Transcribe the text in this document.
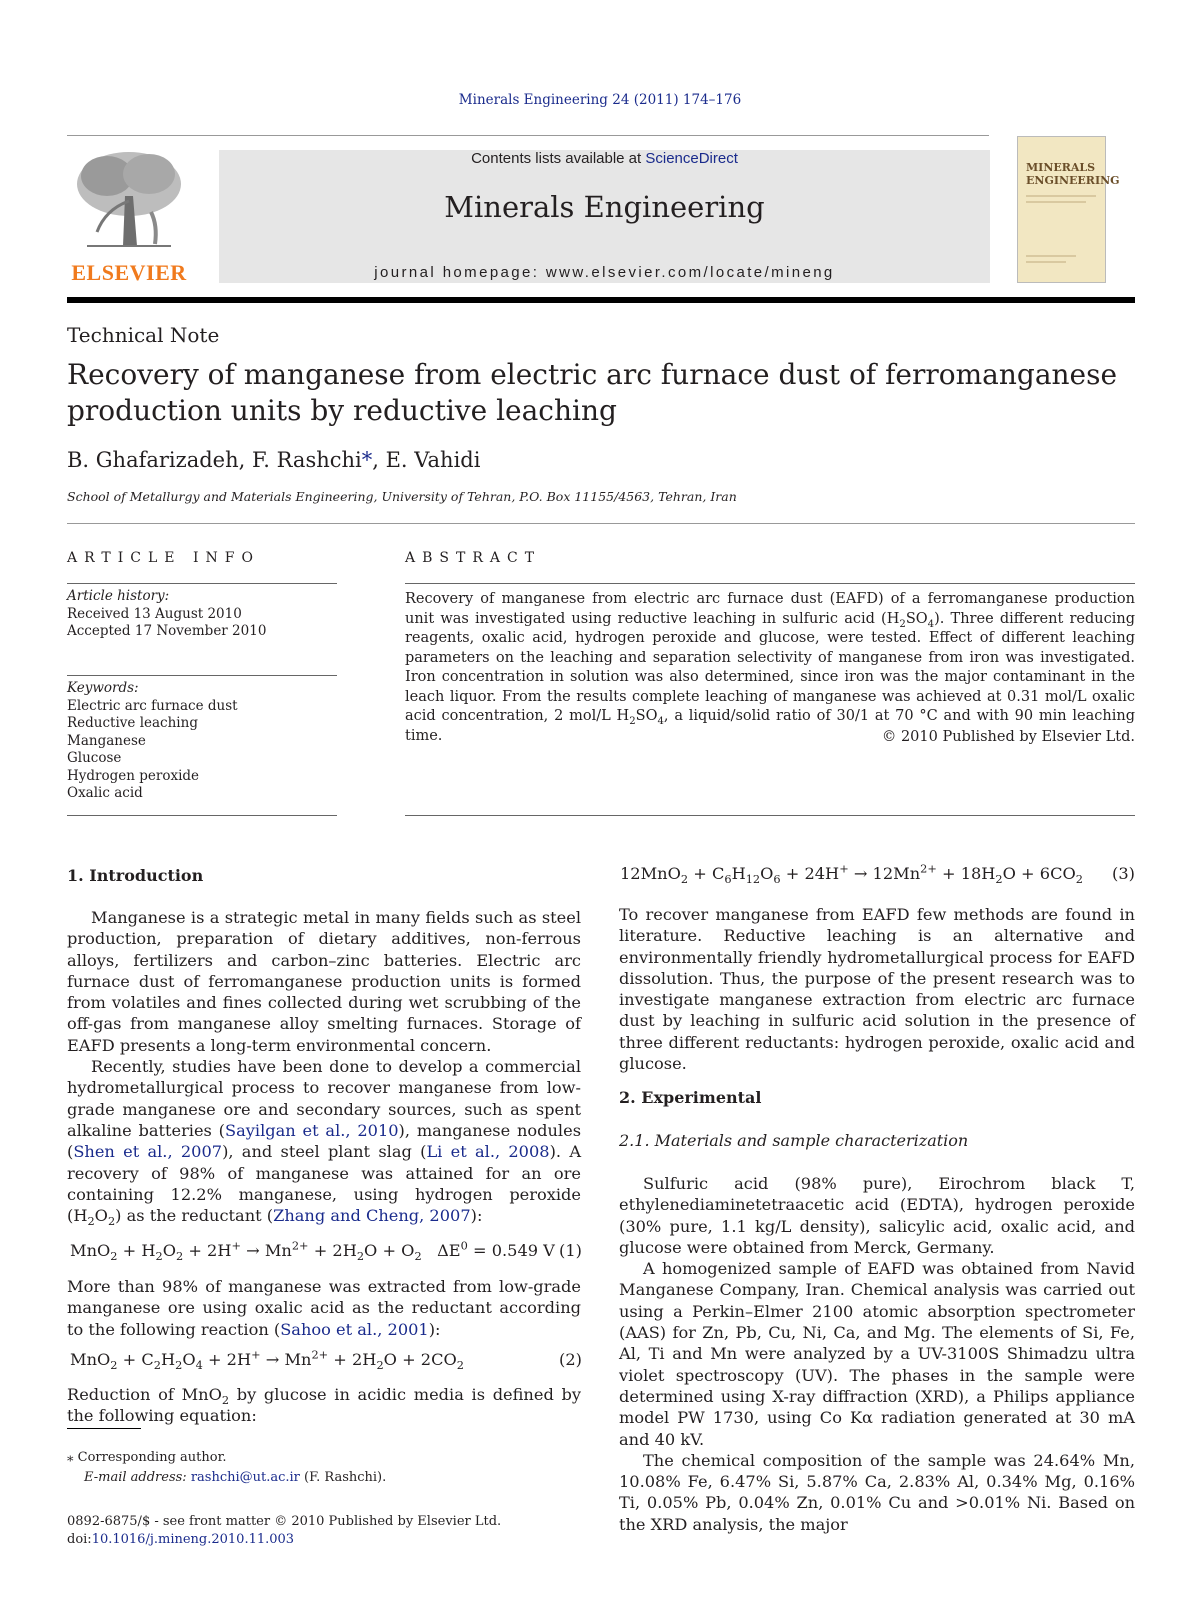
Minerals Engineering 24 (2011) 174–176
ELSEVIER
Contents lists available at ScienceDirect
Minerals Engineering
journal homepage: www.elsevier.com/locate/mineng
MINERALS ENGINEERING
Technical Note
Recovery of manganese from electric arc furnace dust of ferromanganese production units by reductive leaching
B. Ghafarizadeh, F. Rashchi*, E. Vahidi
School of Metallurgy and Materials Engineering, University of Tehran, P.O. Box 11155/4563, Tehran, Iran
ARTICLE INFO
Article history:
Received 13 August 2010
Accepted 17 November 2010
Keywords:
Electric arc furnace dust
Reductive leaching
Manganese
Glucose
Hydrogen peroxide
Oxalic acid
ABSTRACT
Recovery of manganese from electric arc furnace dust (EAFD) of a ferromanganese production unit was investigated using reductive leaching in sulfuric acid $(H_2SO_4)$. Three different reducing reagents, oxalic acid, hydrogen peroxide and glucose, were tested. Effect of different leaching parameters on the leaching and separation selectivity of manganese from iron was investigated. Iron concentration in solution was also determined, since iron was the major contaminant in the leach liquor. From the results complete leaching of manganese was achieved at 0.31 mol/L oxalic acid concentration, 2 mol/L $H_2SO_4$, a liquid/solid ratio of 30/1 at 70 °C and with 90 min leaching time.	© 2010 Published by Elsevier Ltd.
1. Introduction

Manganese is a strategic metal in many fields such as steel production, preparation of dietary additives, non-ferrous alloys, fertilizers and carbon–zinc batteries. Electric arc furnace dust of ferromanganese production units is formed from volatiles and fines collected during wet scrubbing of the off-gas from manganese alloy smelting furnaces. Storage of EAFD presents a long-term environmental concern.

Recently, studies have been done to develop a commercial hydrometallurgical process to recover manganese from low-grade manganese ore and secondary sources, such as spent alkaline batteries (Sayilgan et al., 2010), manganese nodules (Shen et al., 2007), and steel plant slag (Li et al., 2008). A recovery of 98% of manganese was attained for an ore containing 12.2% manganese, using hydrogen peroxide $(H_2O_2)$ as the reductant (Zhang and Cheng, 2007):

$MnO_2 + H_2O_2 + 2H^+ \to Mn^{2+} + 2H_2O + O_2$   $\Delta E^0 = 0.549$ V (1)

More than 98% of manganese was extracted from low-grade manganese ore using oxalic acid as the reductant according to the following reaction (Sahoo et al., 2001):

$MnO_2 + C_2H_2O_4 + 2H^+ \to Mn^{2+} + 2H_2O + 2CO_2$	(2)

Reduction of MnO$_2$ by glucose in acidic media is defined by the following equation:

⁎ Corresponding author.
E-mail address: rashchi@ut.ac.ir (F. Rashchi).
0892-6875/$ - see front matter © 2010 Published by Elsevier Ltd.
doi:10.1016/j.mineng.2010.11.003
$12MnO_2 + C_6H_{12}O_6 + 24H^+ \to 12Mn^{2+} + 18H_2O + 6CO_2$ (3)

To recover manganese from EAFD few methods are found in literature. Reductive leaching is an alternative and environmentally friendly hydrometallurgical process for EAFD dissolution. Thus, the purpose of the present research was to investigate manganese extraction from electric arc furnace dust by leaching in sulfuric acid solution in the presence of three different reductants: hydrogen peroxide, oxalic acid and glucose.

2. Experimental
2.1. Materials and sample characterization

Sulfuric acid (98% pure), Eirochrom black T, ethylenediaminetetraacetic acid (EDTA), hydrogen peroxide (30% pure, 1.1 kg/L density), salicylic acid, oxalic acid, and glucose were obtained from Merck, Germany.

A homogenized sample of EAFD was obtained from Navid Manganese Company, Iran. Chemical analysis was carried out using a Perkin–Elmer 2100 atomic absorption spectrometer (AAS) for Zn, Pb, Cu, Ni, Ca, and Mg. The elements of Si, Fe, Al, Ti and Mn were analyzed by a UV-3100S Shimadzu ultra violet spectroscopy (UV). The phases in the sample were determined using X-ray diffraction (XRD), a Philips appliance model PW 1730, using Co Kα radiation generated at 30 mA and 40 kV.

The chemical composition of the sample was 24.64% Mn, 10.08% Fe, 6.47% Si, 5.87% Ca, 2.83% Al, 0.34% Mg, 0.16% Ti, 0.05% Pb, 0.04% Zn, 0.01% Cu and >0.01% Ni. Based on the XRD analysis, the major
